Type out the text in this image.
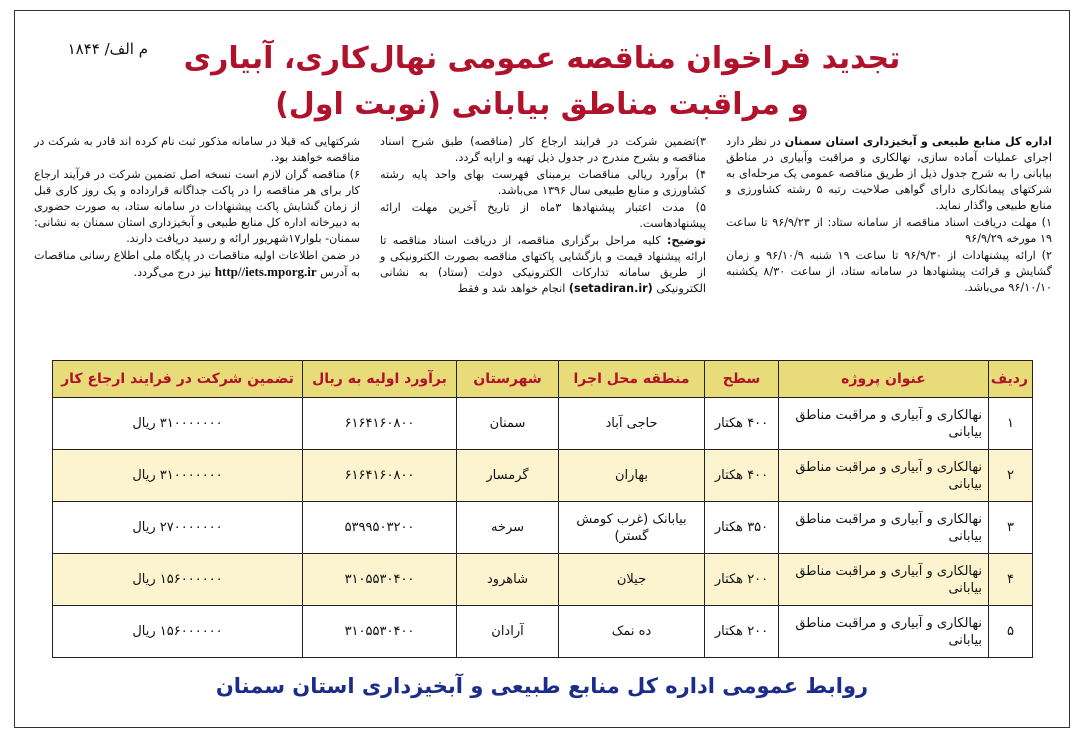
م الف/ ۱۸۴۴ تجدید فراخوان مناقصه عمومی نهال‌کاری، آبیاری
و مراقبت مناطق بیابانی (نوبت اول)

اداره کل منابع طبیعی و آبخیزداری استان سمنان در نظر دارد اجرای عملیات آماده سازی، نهالکاری و مراقبت وآبیاری در مناطق بیابانی را به شرح جدول ذیل از طریق مناقصه عمومی یک مرحله‌ای به شرکتهای پیمانکاری دارای گواهی صلاحیت رتبه ۵ رشته کشاورزی و منابع طبیعی واگذار نماید.

۱) مهلت دریافت اسناد مناقصه از سامانه ستاد: از ۹۶/۹/۲۳ تا ساعت ۱۹ مورخه ۹۶/۹/۲۹

۲) ارائه پیشنهادات از ۹۶/۹/۳۰ تا ساعت ۱۹ شنبه ۹۶/۱۰/۹ و زمان گشایش و قرائت پیشنهادها در سامانه ستاد، از ساعت ۸/۳۰ یکشنبه ۹۶/۱۰/۱۰ می‌باشد.

۳)تضمین شرکت در فرایند ارجاع کار (مناقصه) طبق شرح اسناد مناقصه و بشرح مندرج در جدول ذیل تهیه و ارایه گردد.

۴) برآورد ریالی مناقصات برمبنای فهرست بهای واحد پایه رشته کشاورزی و منابع طبیعی سال ۱۳۹۶ می‌باشد.

۵) مدت اعتبار پیشنهادها ۳ماه از تاریخ آخرین مهلت ارائه پیشنهادهاست.

توضیح: کلیه مراحل برگزاری مناقصه، از دریافت اسناد مناقصه تا ارائه پیشنهاد قیمت و بازگشایی پاکتهای مناقصه بصورت الکترونیکی و از طریق سامانه تدارکات الکترونیکی دولت (ستاد) به نشانی الکترونیکی (setadiran.ir) انجام خواهد شد و فقط

شرکتهایی که قبلا در سامانه مذکور ثبت نام کرده اند قادر به شرکت در مناقصه خواهند بود.

۶) مناقصه گران لازم است نسخه اصل تضمین شرکت در فرآیند ارجاع کار برای هر مناقصه را در پاکت جداگانه قرارداده و یک روز کاری قبل از زمان گشایش پاکت پیشنهادات در سامانه ستاد، به صورت حضوری به دبیرخانه اداره کل منابع طبیعی و آبخیزداری استان سمنان به نشانی: سمنان- بلوار۱۷شهریور ارائه و رسید دریافت دارند.

در ضمن اطلاعات اولیه مناقصات در پایگاه ملی اطلاع رسانی مناقصات به آدرس http//iets.mporg.ir نیز درج می‌گردد.

ردیف	عنوان پروژه	سطح	منطقه محل اجرا	شهرستان	برآورد اولیه به ریال	تضمین شرکت در فرایند ارجاع کار
۱	نهالکاری و آبیاری و مراقبت مناطق بیابانی	۴۰۰ هکتار	حاجی آباد	سمنان	۶۱۶۴۱۶۰۸۰۰	۳۱۰۰۰۰۰۰۰ ریال
۲	نهالکاری و آبیاری و مراقبت مناطق بیابانی	۴۰۰ هکتار	بهاران	گرمسار	۶۱۶۴۱۶۰۸۰۰	۳۱۰۰۰۰۰۰۰ ریال
۳	نهالکاری و آبیاری و مراقبت مناطق بیابانی	۳۵۰ هکتار	بیابانک (غرب کومش گستر)	سرخه	۵۳۹۹۵۰۳۲۰۰	۲۷۰۰۰۰۰۰۰ ریال
۴	نهالکاری و آبیاری و مراقبت مناطق بیابانی	۲۰۰ هکتار	جیلان	شاهرود	۳۱۰۵۵۳۰۴۰۰	۱۵۶۰۰۰۰۰۰ ریال
۵	نهالکاری و آبیاری و مراقبت مناطق بیابانی	۲۰۰ هکتار	ده نمک	آرادان	۳۱۰۵۵۳۰۴۰۰	۱۵۶۰۰۰۰۰۰ ریال
روابط عمومی اداره کل منابع طبیعی و آبخیزداری استان سمنان
